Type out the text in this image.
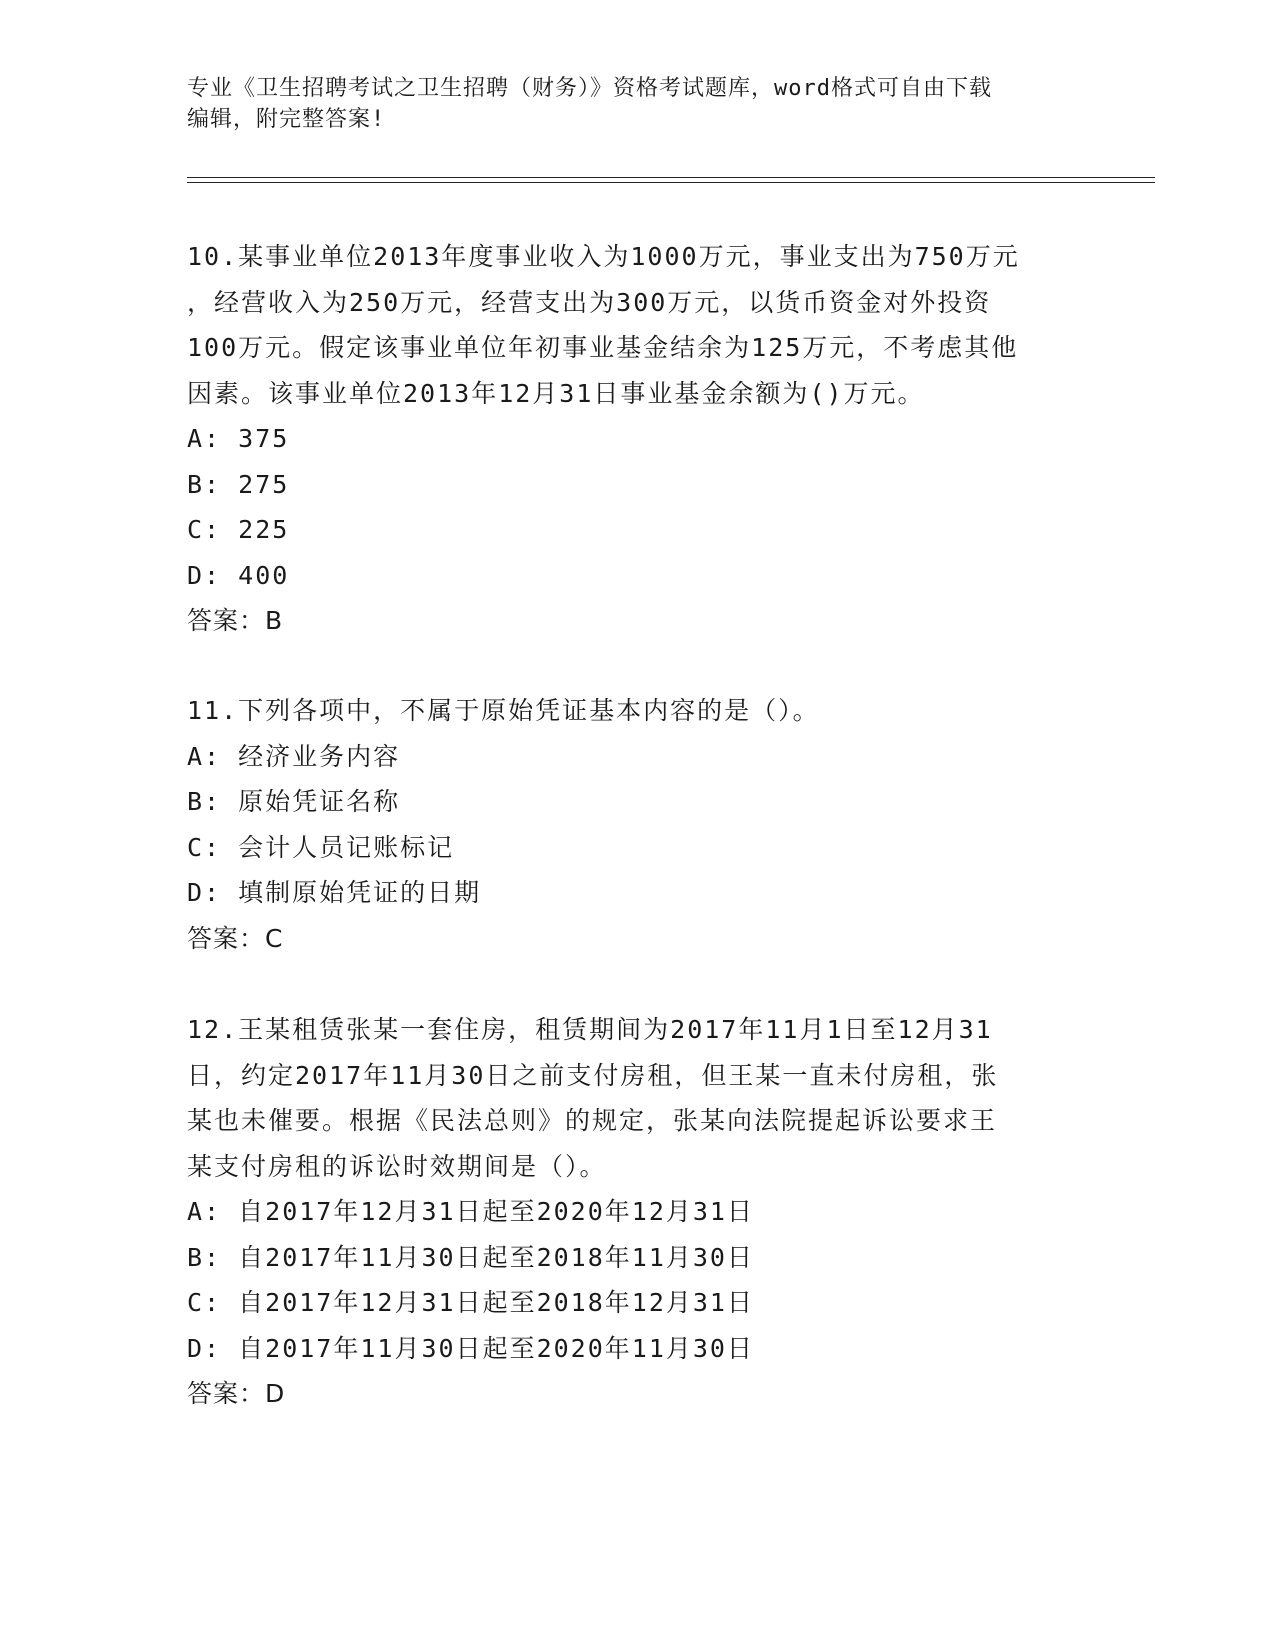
专业《卫生招聘考试之卫生招聘（财务）》资格考试题库，word格式可自由下载
编辑，附完整答案!

10.某事业单位2013年度事业收入为1000万元，事业支出为750万元

，经营收入为250万元，经营支出为300万元，以货币资金对外投资

100万元。假定该事业单位年初事业基金结余为125万元，不考虑其他

因素。该事业单位2013年12月31日事业基金余额为()万元。

A: 375

B: 275

C: 225

D: 400

答案：B

11.下列各项中，不属于原始凭证基本内容的是（）。

A: 经济业务内容

B: 原始凭证名称

C: 会计人员记账标记

D: 填制原始凭证的日期

答案：C

12.王某租赁张某一套住房，租赁期间为2017年11月1日至12月31

日，约定2017年11月30日之前支付房租，但王某一直未付房租，张

某也未催要。根据《民法总则》的规定，张某向法院提起诉讼要求王

某支付房租的诉讼时效期间是（）。

A: 自2017年12月31日起至2020年12月31日

B: 自2017年11月30日起至2018年11月30日

C: 自2017年12月31日起至2018年12月31日

D: 自2017年11月30日起至2020年11月30日

答案：D
